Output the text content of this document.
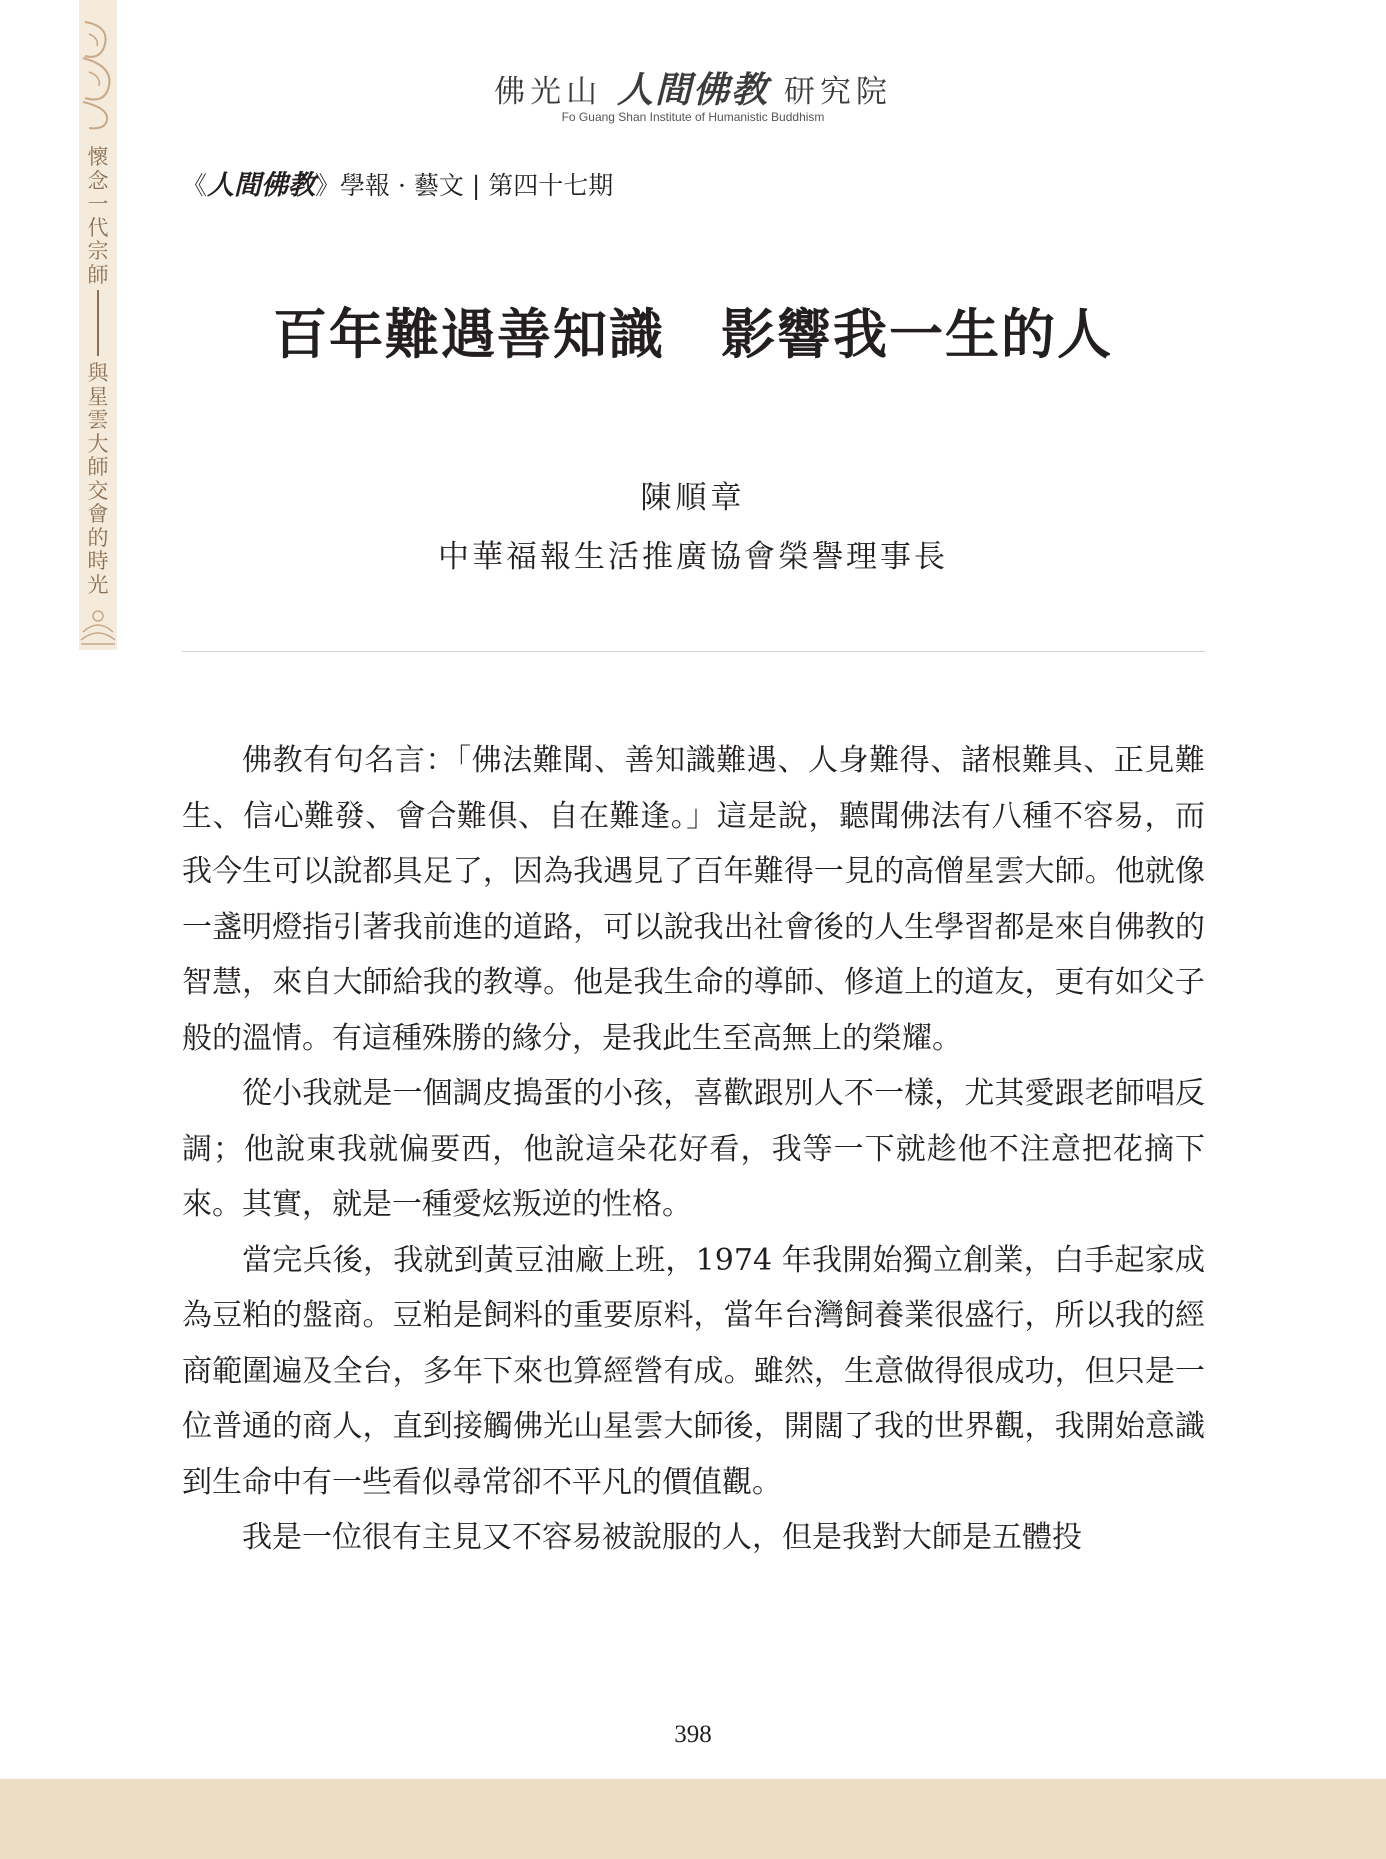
懷念一代宗師
與星雲大師交會的時光
佛光山 人間佛教 研究院
Fo Guang Shan Institute of Humanistic Buddhism
《人間佛教》學報 · 藝文 | 第四十七期
百年難遇善知識　影響我一生的人
陳順章
中華福報生活推廣協會榮譽理事長

佛教有句名言：「佛法難聞、善知識難遇、人身難得、諸根難具、正見難生、信心難發、會合難俱、自在難逢。」這是說，聽聞佛法有八種不容易，而我今生可以說都具足了，因為我遇見了百年難得一見的高僧星雲大師。他就像一盞明燈指引著我前進的道路，可以說我出社會後的人生學習都是來自佛教的智慧，來自大師給我的教導。他是我生命的導師、修道上的道友，更有如父子般的溫情。有這種殊勝的緣分，是我此生至高無上的榮耀。

從小我就是一個調皮搗蛋的小孩，喜歡跟別人不一樣，尤其愛跟老師唱反調；他說東我就偏要西，他說這朵花好看，我等一下就趁他不注意把花摘下來。其實，就是一種愛炫叛逆的性格。

當完兵後，我就到黃豆油廠上班，1974 年我開始獨立創業，白手起家成為豆粕的盤商。豆粕是飼料的重要原料，當年台灣飼養業很盛行，所以我的經商範圍遍及全台，多年下來也算經營有成。雖然，生意做得很成功，但只是一位普通的商人，直到接觸佛光山星雲大師後，開闊了我的世界觀，我開始意識到生命中有一些看似尋常卻不平凡的價值觀。

我是一位很有主見又不容易被說服的人，但是我對大師是五體投

398
